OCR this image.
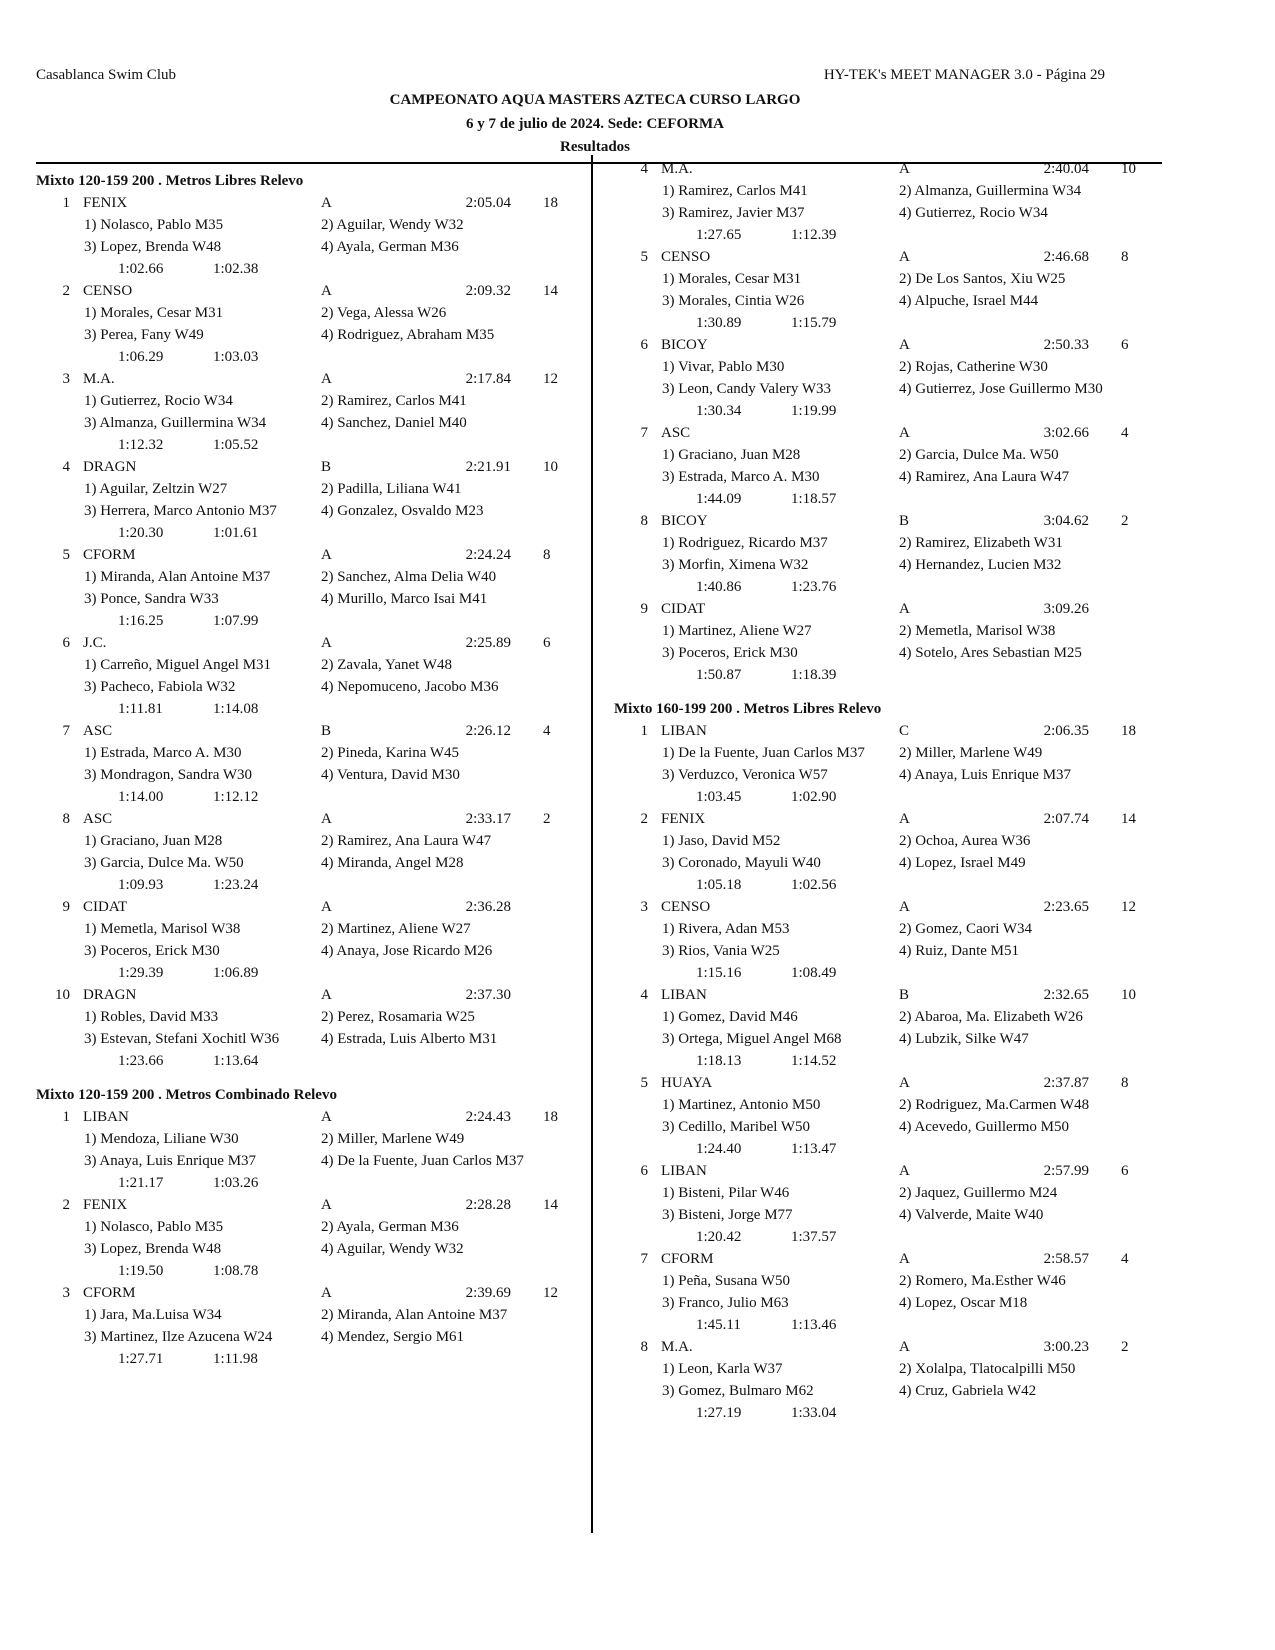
Casablanca Swim Club	HY-TEK's MEET MANAGER 3.0 - Página 29
CAMPEONATO AQUA MASTERS AZTECA CURSO LARGO
6 y 7 de julio de 2024. Sede: CEFORMA
Resultados
Mixto 120-159 200 . Metros Libres Relevo
1 FENIX	A	2:05.04 18
1) Nolasco, Pablo M35	2) Aguilar, Wendy W32
3) Lopez, Brenda W48	4) Ayala, German M36
1:02.66	1:02.38
2 CENSO	A	2:09.32 14
1) Morales, Cesar M31	2) Vega, Alessa W26
3) Perea, Fany W49	4) Rodriguez, Abraham M35
1:06.29	1:03.03
3 M.A.	A	2:17.84 12
1) Gutierrez, Rocio W34	2) Ramirez, Carlos M41
3) Almanza, Guillermina W34	4) Sanchez, Daniel M40
1:12.32	1:05.52
4 DRAGN	B	2:21.91 10
1) Aguilar, Zeltzin W27	2) Padilla, Liliana W41
3) Herrera, Marco Antonio M37	4) Gonzalez, Osvaldo M23
1:20.30	1:01.61
5 CFORM	A	2:24.24 8
1) Miranda, Alan Antoine M37	2) Sanchez, Alma Delia W40
3) Ponce, Sandra W33	4) Murillo, Marco Isai M41
1:16.25	1:07.99
6 J.C.	A	2:25.89 6
1) Carreño, Miguel Angel M31	2) Zavala, Yanet W48
3) Pacheco, Fabiola W32	4) Nepomuceno, Jacobo M36
1:11.81	1:14.08
7 ASC	B	2:26.12 4
1) Estrada, Marco A. M30	2) Pineda, Karina W45
3) Mondragon, Sandra W30	4) Ventura, David M30
1:14.00	1:12.12
8 ASC	A	2:33.17 2
1) Graciano, Juan M28	2) Ramirez, Ana Laura W47
3) Garcia, Dulce Ma. W50	4) Miranda, Angel M28
1:09.93	1:23.24
9 CIDAT	A	2:36.28
1) Memetla, Marisol W38	2) Martinez, Aliene W27
3) Poceros, Erick M30	4) Anaya, Jose Ricardo M26
1:29.39	1:06.89
10 DRAGN	A	2:37.30
1) Robles, David M33	2) Perez, Rosamaria W25
3) Estevan, Stefani Xochitl W36	4) Estrada, Luis Alberto M31
1:23.66	1:13.64
Mixto 120-159 200 . Metros Combinado Relevo
1 LIBAN	A	2:24.43 18
1) Mendoza, Liliane W30	2) Miller, Marlene W49
3) Anaya, Luis Enrique M37	4) De la Fuente, Juan Carlos M37
1:21.17	1:03.26
2 FENIX	A	2:28.28 14
1) Nolasco, Pablo M35	2) Ayala, German M36
3) Lopez, Brenda W48	4) Aguilar, Wendy W32
1:19.50	1:08.78
3 CFORM	A	2:39.69 12
1) Jara, Ma.Luisa W34	2) Miranda, Alan Antoine M37
3) Martinez, Ilze Azucena W24	4) Mendez, Sergio M61
1:27.71	1:11.98
4 M.A.	A	2:40.04 10
1) Ramirez, Carlos M41	2) Almanza, Guillermina W34
3) Ramirez, Javier M37	4) Gutierrez, Rocio W34
1:27.65	1:12.39
5 CENSO	A	2:46.68 8
1) Morales, Cesar M31	2) De Los Santos, Xiu W25
3) Morales, Cintia W26	4) Alpuche, Israel M44
1:30.89	1:15.79
6 BICOY	A	2:50.33 6
1) Vivar, Pablo M30	2) Rojas, Catherine W30
3) Leon, Candy Valery W33	4) Gutierrez, Jose Guillermo M30
1:30.34	1:19.99
7 ASC	A	3:02.66 4
1) Graciano, Juan M28	2) Garcia, Dulce Ma. W50
3) Estrada, Marco A. M30	4) Ramirez, Ana Laura W47
1:44.09	1:18.57
8 BICOY	B	3:04.62 2
1) Rodriguez, Ricardo M37	2) Ramirez, Elizabeth W31
3) Morfin, Ximena W32	4) Hernandez, Lucien M32
1:40.86	1:23.76
9 CIDAT	A	3:09.26
1) Martinez, Aliene W27	2) Memetla, Marisol W38
3) Poceros, Erick M30	4) Sotelo, Ares Sebastian M25
1:50.87	1:18.39
Mixto 160-199 200 . Metros Libres Relevo
1 LIBAN	C	2:06.35 18
1) De la Fuente, Juan Carlos M37 2) Miller, Marlene W49
3) Verduzco, Veronica W57	4) Anaya, Luis Enrique M37
1:03.45	1:02.90
2 FENIX	A	2:07.74 14
1) Jaso, David M52	2) Ochoa, Aurea W36
3) Coronado, Mayuli W40	4) Lopez, Israel M49
1:05.18	1:02.56
3 CENSO	A	2:23.65 12
1) Rivera, Adan M53	2) Gomez, Caori W34
3) Rios, Vania W25	4) Ruiz, Dante M51
1:15.16	1:08.49
4 LIBAN	B	2:32.65 10
1) Gomez, David M46	2) Abaroa, Ma. Elizabeth W26
3) Ortega, Miguel Angel M68	4) Lubzik, Silke W47
1:18.13	1:14.52
5 HUAYA	A	2:37.87 8
1) Martinez, Antonio M50	2) Rodriguez, Ma.Carmen W48
3) Cedillo, Maribel W50	4) Acevedo, Guillermo M50
1:24.40	1:13.47
6 LIBAN	A	2:57.99 6
1) Bisteni, Pilar W46	2) Jaquez, Guillermo M24
3) Bisteni, Jorge M77	4) Valverde, Maite W40
1:20.42	1:37.57
7 CFORM	A	2:58.57 4
1) Peña, Susana W50	2) Romero, Ma.Esther W46
3) Franco, Julio M63	4) Lopez, Oscar M18
1:45.11	1:13.46
8 M.A.	A	3:00.23 2
1) Leon, Karla W37	2) Xolalpa, Tlatocalpilli M50
3) Gomez, Bulmaro M62	4) Cruz, Gabriela W42
1:27.19	1:33.04
